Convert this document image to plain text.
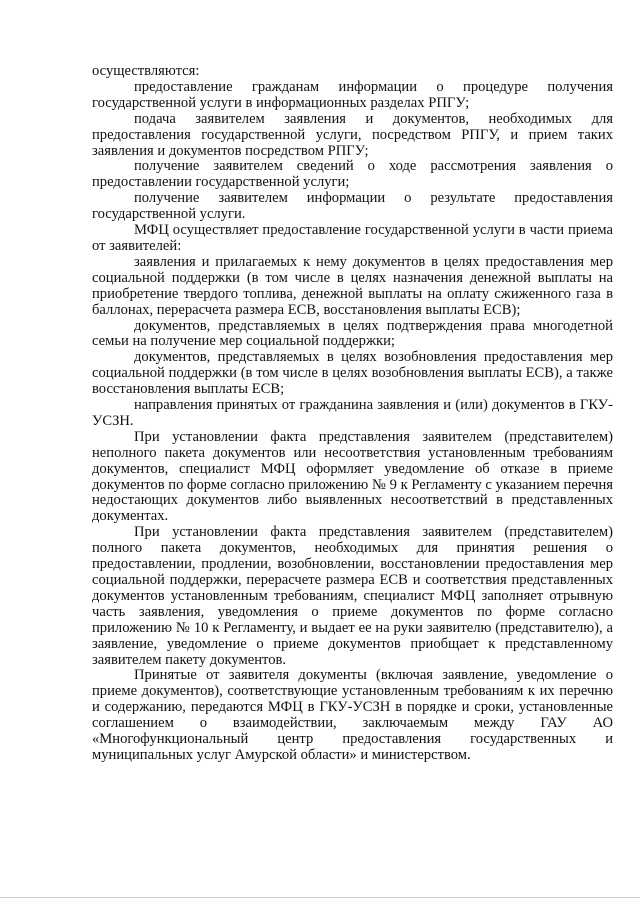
осуществляются:

предоставление гражданам информации о процедуре получения государственной услуги в информационных разделах РПГУ;

подача заявителем заявления и документов, необходимых для предоставления государственной услуги, посредством РПГУ, и прием таких заявления и документов посредством РПГУ;

получение заявителем сведений о ходе рассмотрения заявления о предоставлении государственной услуги;

получение заявителем информации о результате предоставления государственной услуги.

МФЦ осуществляет предоставление государственной услуги в части приема от заявителей:

заявления и прилагаемых к нему документов в целях предоставления мер социальной поддержки (в том числе в целях назначения денежной выплаты на приобретение твердого топлива, денежной выплаты на оплату сжиженного газа в баллонах, перерасчета размера ЕСВ, восстановления выплаты ЕСВ);

документов, представляемых в целях подтверждения права многодетной семьи на получение мер социальной поддержки;

документов, представляемых в целях возобновления предоставления мер социальной поддержки (в том числе в целях возобновления выплаты ЕСВ), а также восстановления выплаты ЕСВ;

направления принятых от гражданина заявления и (или) документов в ГКУ-УСЗН.

При установлении факта представления заявителем (представителем) неполного пакета документов или несоответствия установленным требованиям документов, специалист МФЦ оформляет уведомление об отказе в приеме документов по форме согласно приложению № 9 к Регламенту с указанием перечня недостающих документов либо выявленных несоответствий в представленных документах.

При установлении факта представления заявителем (представителем) полного пакета документов, необходимых для принятия решения о предоставлении, продлении, возобновлении, восстановлении предоставления мер социальной поддержки, перерасчете размера ЕСВ и соответствия представленных документов установленным требованиям, специалист МФЦ заполняет отрывную часть заявления, уведомления о приеме документов по форме согласно приложению № 10 к Регламенту, и выдает ее на руки заявителю (представителю), а заявление, уведомление о приеме документов приобщает к представленному заявителем пакету документов.

Принятые от заявителя документы (включая заявление, уведомление о приеме документов), соответствующие установленным требованиям к их перечню и содержанию, передаются МФЦ в ГКУ-УСЗН в порядке и сроки, установленные соглашением о взаимодействии, заключаемым между ГАУ АО «Многофункциональный центр предоставления государственных и муниципальных услуг Амурской области» и министерством.
